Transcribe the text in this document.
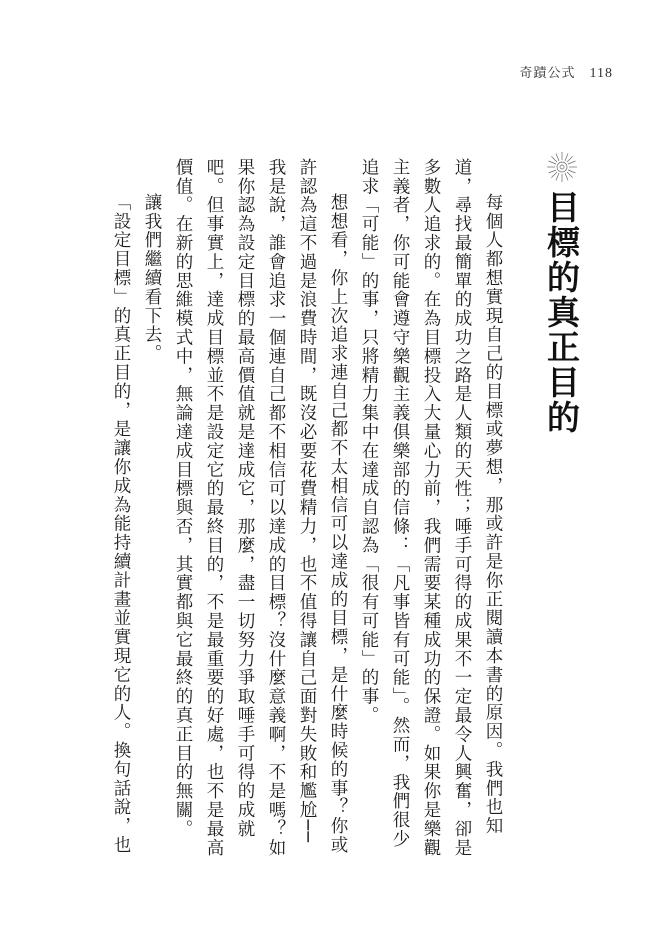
奇蹟公式 118
目標的真正目的

每個人都想實現自己的目標或夢想，那或許是你正閱讀本書的原因。我們也知道，尋找最簡單的成功之路是人類的天性；唾手可得的成果不一定最令人興奮，卻是多數人追求的。在為目標投入大量心力前，我們需要某種成功的保證。如果你是樂觀主義者，你可能會遵守樂觀主義俱樂部的信條：「凡事皆有可能」。然而，我們很少追求「可能」的事，只將精力集中在達成自認為「很有可能」的事。

想想看，你上次追求連自己都不太相信可以達成的目標，是什麼時候的事？你或許認為這不過是浪費時間，既沒必要花費精力，也不值得讓自己面對失敗和尷尬──我是說，誰會追求一個連自己都不相信可以達成的目標？沒什麼意義啊，不是嗎？如果你認為設定目標的最高價值就是達成它，那麼，盡一切努力爭取唾手可得的成就吧。但事實上，達成目標並不是設定它的最終目的，不是最重要的好處，也不是最高價值。在新的思維模式中，無論達成目標與否，其實都與它最終的真正目的無關。

讓我們繼續看下去。

「設定目標」的真正目的，是讓你成為能持續計畫並實現它的人。換句話說，也
